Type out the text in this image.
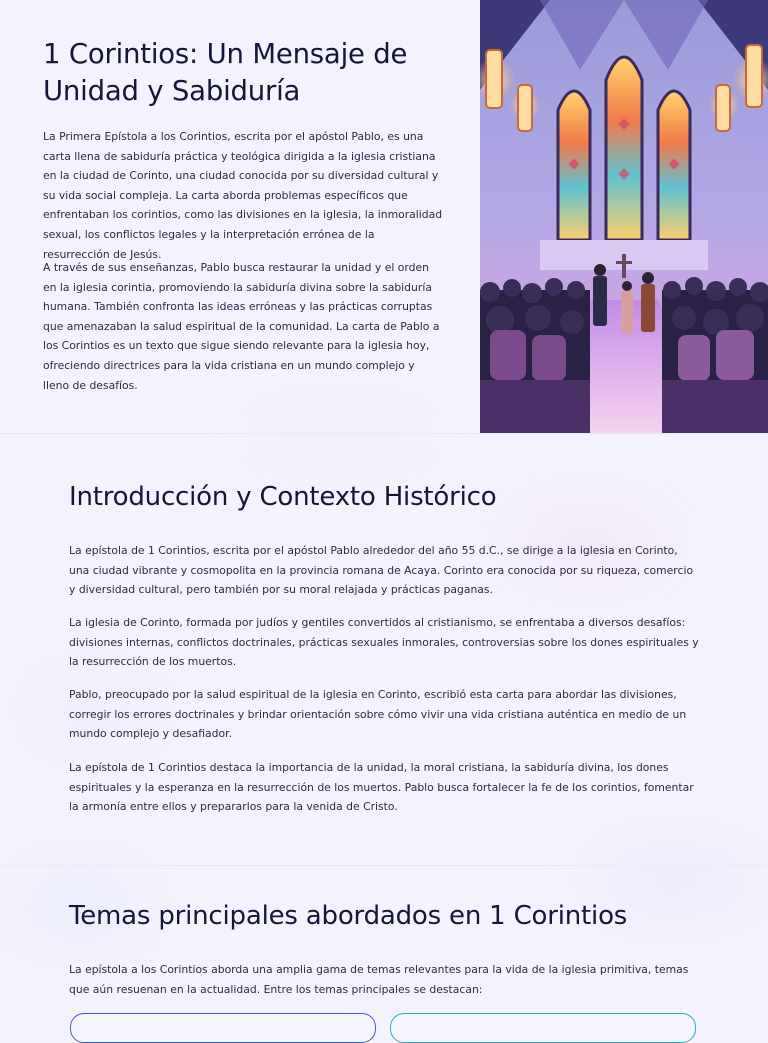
1 Corintios: Un Mensaje de Unidad y Sabiduría

La Primera Epístola a los Corintios, escrita por el apóstol Pablo, es una carta llena de sabiduría práctica y teológica dirigida a la iglesia cristiana en la ciudad de Corinto, una ciudad conocida por su diversidad cultural y su vida social compleja. La carta aborda problemas específicos que enfrentaban los corintios, como las divisiones en la iglesia, la inmoralidad sexual, los conflictos legales y la interpretación errónea de la resurrección de Jesús.

A través de sus enseñanzas, Pablo busca restaurar la unidad y el orden en la iglesia corintia, promoviendo la sabiduría divina sobre la sabiduría humana. También confronta las ideas erróneas y las prácticas corruptas que amenazaban la salud espiritual de la comunidad. La carta de Pablo a los Corintios es un texto que sigue siendo relevante para la iglesia hoy, ofreciendo directrices para la vida cristiana en un mundo complejo y lleno de desafíos.

Introducción y Contexto Histórico

La epístola de 1 Corintios, escrita por el apóstol Pablo alrededor del año 55 d.C., se dirige a la iglesia en Corinto, una ciudad vibrante y cosmopolita en la provincia romana de Acaya. Corinto era conocida por su riqueza, comercio y diversidad cultural, pero también por su moral relajada y prácticas paganas.

La iglesia de Corinto, formada por judíos y gentiles convertidos al cristianismo, se enfrentaba a diversos desafíos: divisiones internas, conflictos doctrinales, prácticas sexuales inmorales, controversias sobre los dones espirituales y la resurrección de los muertos.

Pablo, preocupado por la salud espiritual de la iglesia en Corinto, escribió esta carta para abordar las divisiones, corregir los errores doctrinales y brindar orientación sobre cómo vivir una vida cristiana auténtica en medio de un mundo complejo y desafiador.

La epístola de 1 Corintios destaca la importancia de la unidad, la moral cristiana, la sabiduría divina, los dones espirituales y la esperanza en la resurrección de los muertos. Pablo busca fortalecer la fe de los corintios, fomentar la armonía entre ellos y prepararlos para la venida de Cristo.

Temas principales abordados en 1 Corintios

La epístola a los Corintios aborda una amplia gama de temas relevantes para la vida de la iglesia primitiva, temas que aún resuenan en la actualidad. Entre los temas principales se destacan:
